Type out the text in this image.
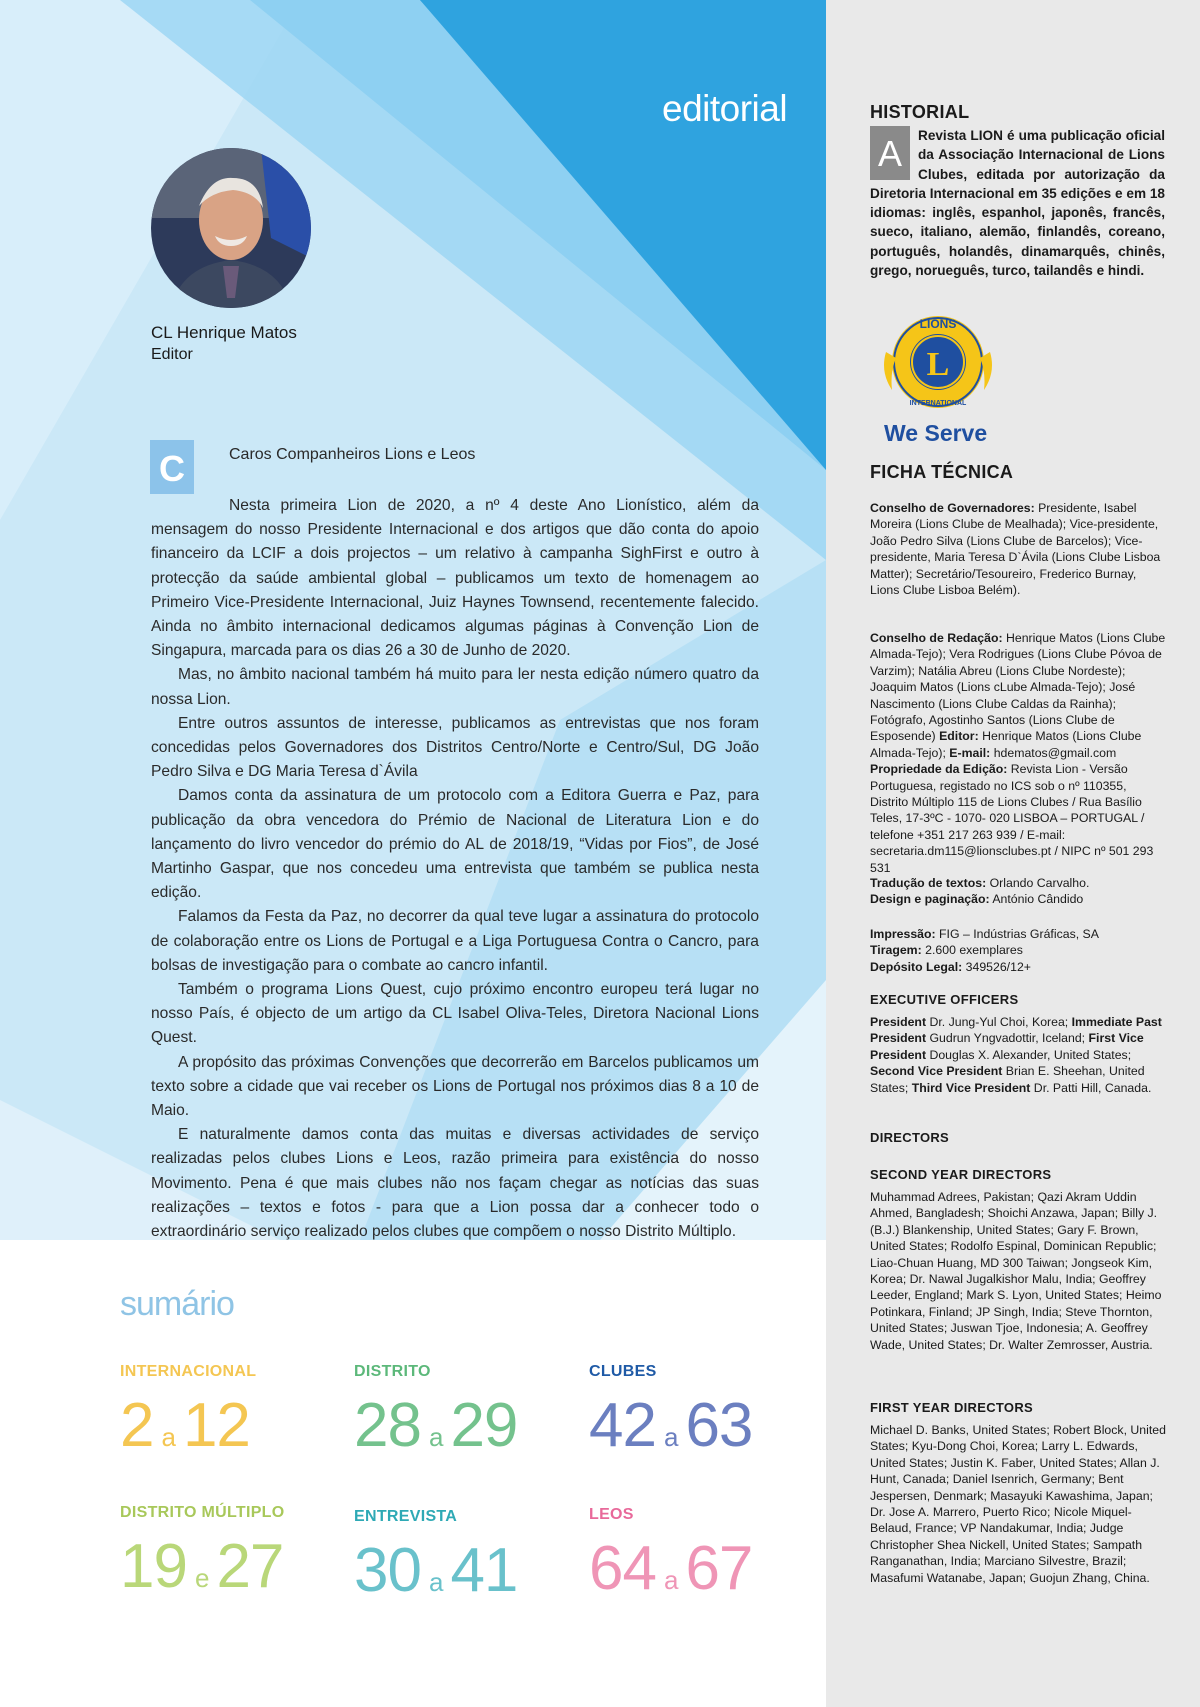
editorial
CL Henrique Matos
Editor
C	Caros Companheiros Lions e Leos

Nesta primeira Lion de 2020, a nº 4 deste Ano Lionístico, além da mensagem do nosso Presidente Internacional e dos artigos que dão conta do apoio financeiro da LCIF a dois projectos – um relativo à campanha SighFirst e outro à protecção da saúde ambiental global – publicamos um texto de homenagem ao Primeiro Vice-Presidente Internacional, Juiz Haynes Townsend, recentemente falecido. Ainda no âmbito internacional dedicamos algumas páginas à Convenção Lion de Singapura, marcada para os dias 26 a 30 de Junho de 2020.

Mas, no âmbito nacional também há muito para ler nesta edição número quatro da nossa Lion.

Entre outros assuntos de interesse, publicamos as entrevistas que nos foram concedidas pelos Governadores dos Distritos Centro/Norte e Centro/Sul, DG João Pedro Silva e DG Maria Teresa d`Ávila

Damos conta da assinatura de um protocolo com a Editora Guerra e Paz, para publicação da obra vencedora do Prémio de Nacional de Literatura Lion e do lançamento do livro vencedor do prémio do AL de 2018/19, “Vidas por Fios”, de José Martinho Gaspar, que nos concedeu uma entrevista que também se publica nesta edição.

Falamos da Festa da Paz, no decorrer da qual teve lugar a assinatura do protocolo de colaboração entre os Lions de Portugal e a Liga Portuguesa Contra o Cancro, para bolsas de investigação para o combate ao cancro infantil.

Também o programa Lions Quest, cujo próximo encontro europeu terá lugar no nosso País, é objecto de um artigo da CL Isabel Oliva-Teles, Diretora Nacional Lions Quest.

A propósito das próximas Convenções que decorrerão em Barcelos publicamos um texto sobre a cidade que vai receber os Lions de Portugal nos próximos dias 8 a 10 de Maio.

E naturalmente damos conta das muitas e diversas actividades de serviço realizadas pelos clubes Lions e Leos, razão primeira para existência do nosso Movimento. Pena é que mais clubes não nos façam chegar as notícias das suas realizações – textos e fotos - para que a Lion possa dar a conhecer todo o extraordinário serviço realizado pelos clubes que compõem o nosso Distrito Múltiplo.

sumário
INTERNACIONAL
2 a 12
DISTRITO
28 a 29
CLUBES
42 a 63
DISTRITO MÚLTIPLO
19 e 27
ENTREVISTA
30 a 41
LEOS
64 a 67
HISTORIAL
A	Revista LION é uma publicação oficial da Associação Internacional de Lions Clubes, editada por autorização da Diretoria Internacional em 35 edições e em 18 idiomas: inglês, espanhol, japonês, francês, sueco, italiano, alemão, finlandês, coreano, português, holandês, dinamarquês, chinês, grego, norueguês, turco, tailandês e hindi.
L
LIONS
INTERNATIONAL
We Serve
FICHA TÉCNICA
Conselho de Governadores: Presidente, Isabel Moreira (Lions Clube de Mealhada); Vice-presidente, João Pedro Silva (Lions Clube de Barcelos); Vice-presidente, Maria Teresa D`Ávila (Lions Clube Lisboa Matter); Secretário/Tesoureiro, Frederico Burnay, Lions Clube Lisboa Belém).
Conselho de Redação: Henrique Matos (Lions Clube Almada-Tejo); Vera Rodrigues (Lions Clube Póvoa de Varzim); Natália Abreu (Lions Clube Nordeste); Joaquim Matos (Lions cLube Almada-Tejo); José Nascimento (Lions Clube Caldas da Rainha); Fotógrafo, Agostinho Santos (Lions Clube de Esposende) Editor: Henrique Matos (Lions Clube Almada-Tejo); E-mail: hdematos@gmail.com Propriedade da Edição: Revista Lion - Versão Portuguesa, registado no ICS sob o nº 110355, Distrito Múltiplo 115 de Lions Clubes / Rua Basílio Teles, 17-3ºC - 1070- 020 LISBOA – PORTUGAL / telefone +351 217 263 939 / E-mail: secretaria.dm115@lionsclubes.pt / NIPC nº 501 293 531
Tradução de textos: Orlando Carvalho.
Design e paginação: António Cândido
Impressão: FIG – Indústrias Gráficas, SA
Tiragem: 2.600 exemplares
Depósito Legal: 349526/12+
EXECUTIVE OFFICERS
President Dr. Jung-Yul Choi, Korea; Immediate Past President Gudrun Yngvadottir, Iceland; First Vice President Douglas X. Alexander, United States; Second Vice President Brian E. Sheehan, United States; Third Vice President Dr. Patti Hill, Canada.
DIRECTORS
SECOND YEAR DIRECTORS
Muhammad Adrees, Pakistan; Qazi Akram Uddin Ahmed, Bangladesh; Shoichi Anzawa, Japan; Billy J. (B.J.) Blankenship, United States; Gary F. Brown, United States; Rodolfo Espinal, Dominican Republic; Liao-Chuan Huang, MD 300 Taiwan; Jongseok Kim, Korea; Dr. Nawal Jugalkishor Malu, India; Geoffrey Leeder, England; Mark S. Lyon, United States; Heimo Potinkara, Finland; JP Singh, India; Steve Thornton, United States; Juswan Tjoe, Indonesia; A. Geoffrey Wade, United States; Dr. Walter Zemrosser, Austria.
FIRST YEAR DIRECTORS
Michael D. Banks, United States; Robert Block, United States; Kyu-Dong Choi, Korea; Larry L. Edwards, United States; Justin K. Faber, United States; Allan J. Hunt, Canada; Daniel Isenrich, Germany; Bent Jespersen, Denmark; Masayuki Kawashima, Japan; Dr. Jose A. Marrero, Puerto Rico; Nicole Miquel-Belaud, France; VP Nandakumar, India; Judge Christopher Shea Nickell, United States; Sampath Ranganathan, India; Marciano Silvestre, Brazil; Masafumi Watanabe, Japan; Guojun Zhang, China.
